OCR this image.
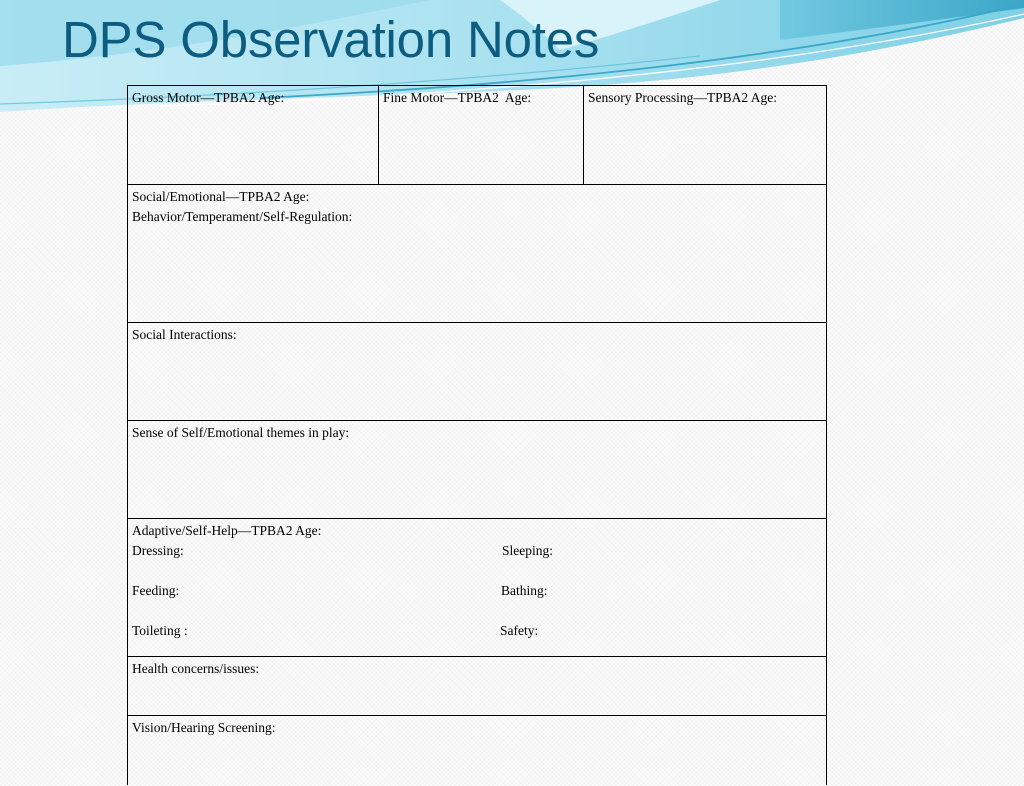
DPS Observation Notes
Gross Motor—TPBA2 Age:	Fine Motor—TPBA2  Age:	Sensory Processing—TPBA2 Age:
Social/Emotional—TPBA2 Age:
Behavior/Temperament/Self-Regulation:
Social Interactions:
Sense of Self/Emotional themes in play:
Adaptive/Self-Help—TPBA2 Age:
Dressing:	Sleeping:
Feeding:	Bathing:
Toileting :	Safety:
Health concerns/issues:
Vision/Hearing Screening:
